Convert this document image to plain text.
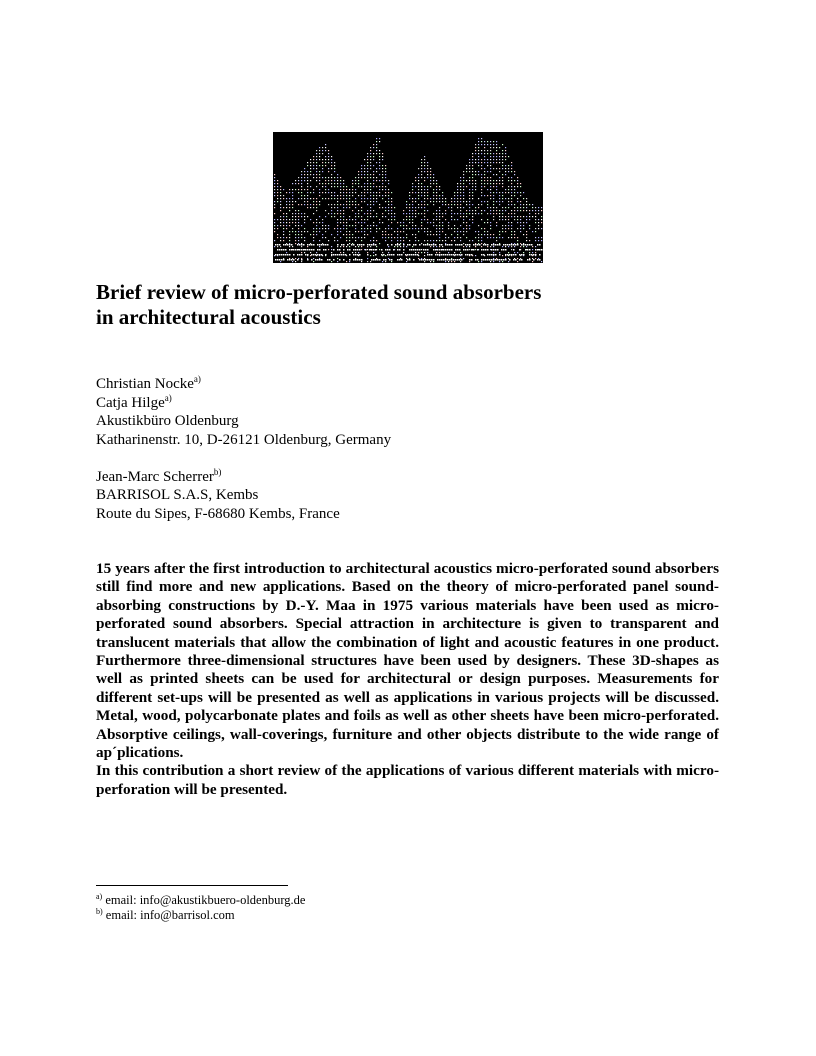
Brief review of micro-perforated sound absorbers
in architectural acoustics
Christian Nocke$^{a)}$
Catja Hilge$^{a)}$
Akustikbüro Oldenburg
Katharinenstr. 10, D-26121 Oldenburg, Germany
Jean-Marc Scherrer$^{b)}$
BARRISOL S.A.S, Kembs
Route du Sipes, F-68680 Kembs, France

15 years after the first introduction to architectural acoustics micro-perforated sound absorbers still find more and new applications. Based on the theory of micro-perforated panel sound-absorbing constructions by D.-Y. Maa in 1975 various materials have been used as micro-perforated sound absorbers. Special attraction in architecture is given to transparent and translucent materials that allow the combination of light and acoustic features in one product. Furthermore three-dimensional structures have been used by designers. These 3D-shapes as well as printed sheets can be used for architectural or design purposes. Measurements for different set-ups will be presented as well as applications in various projects will be discussed. Metal, wood, polycarbonate plates and foils as well as other sheets have been micro-perforated. Absorptive ceilings, wall-coverings, furniture and other objects distribute to the wide range of ap´plications.

In this contribution a short review of the applications of various different materials with micro-perforation will be presented.

$^{a)}$ email: info@akustikbuero-oldenburg.de
$^{b)}$ email: info@barrisol.com
